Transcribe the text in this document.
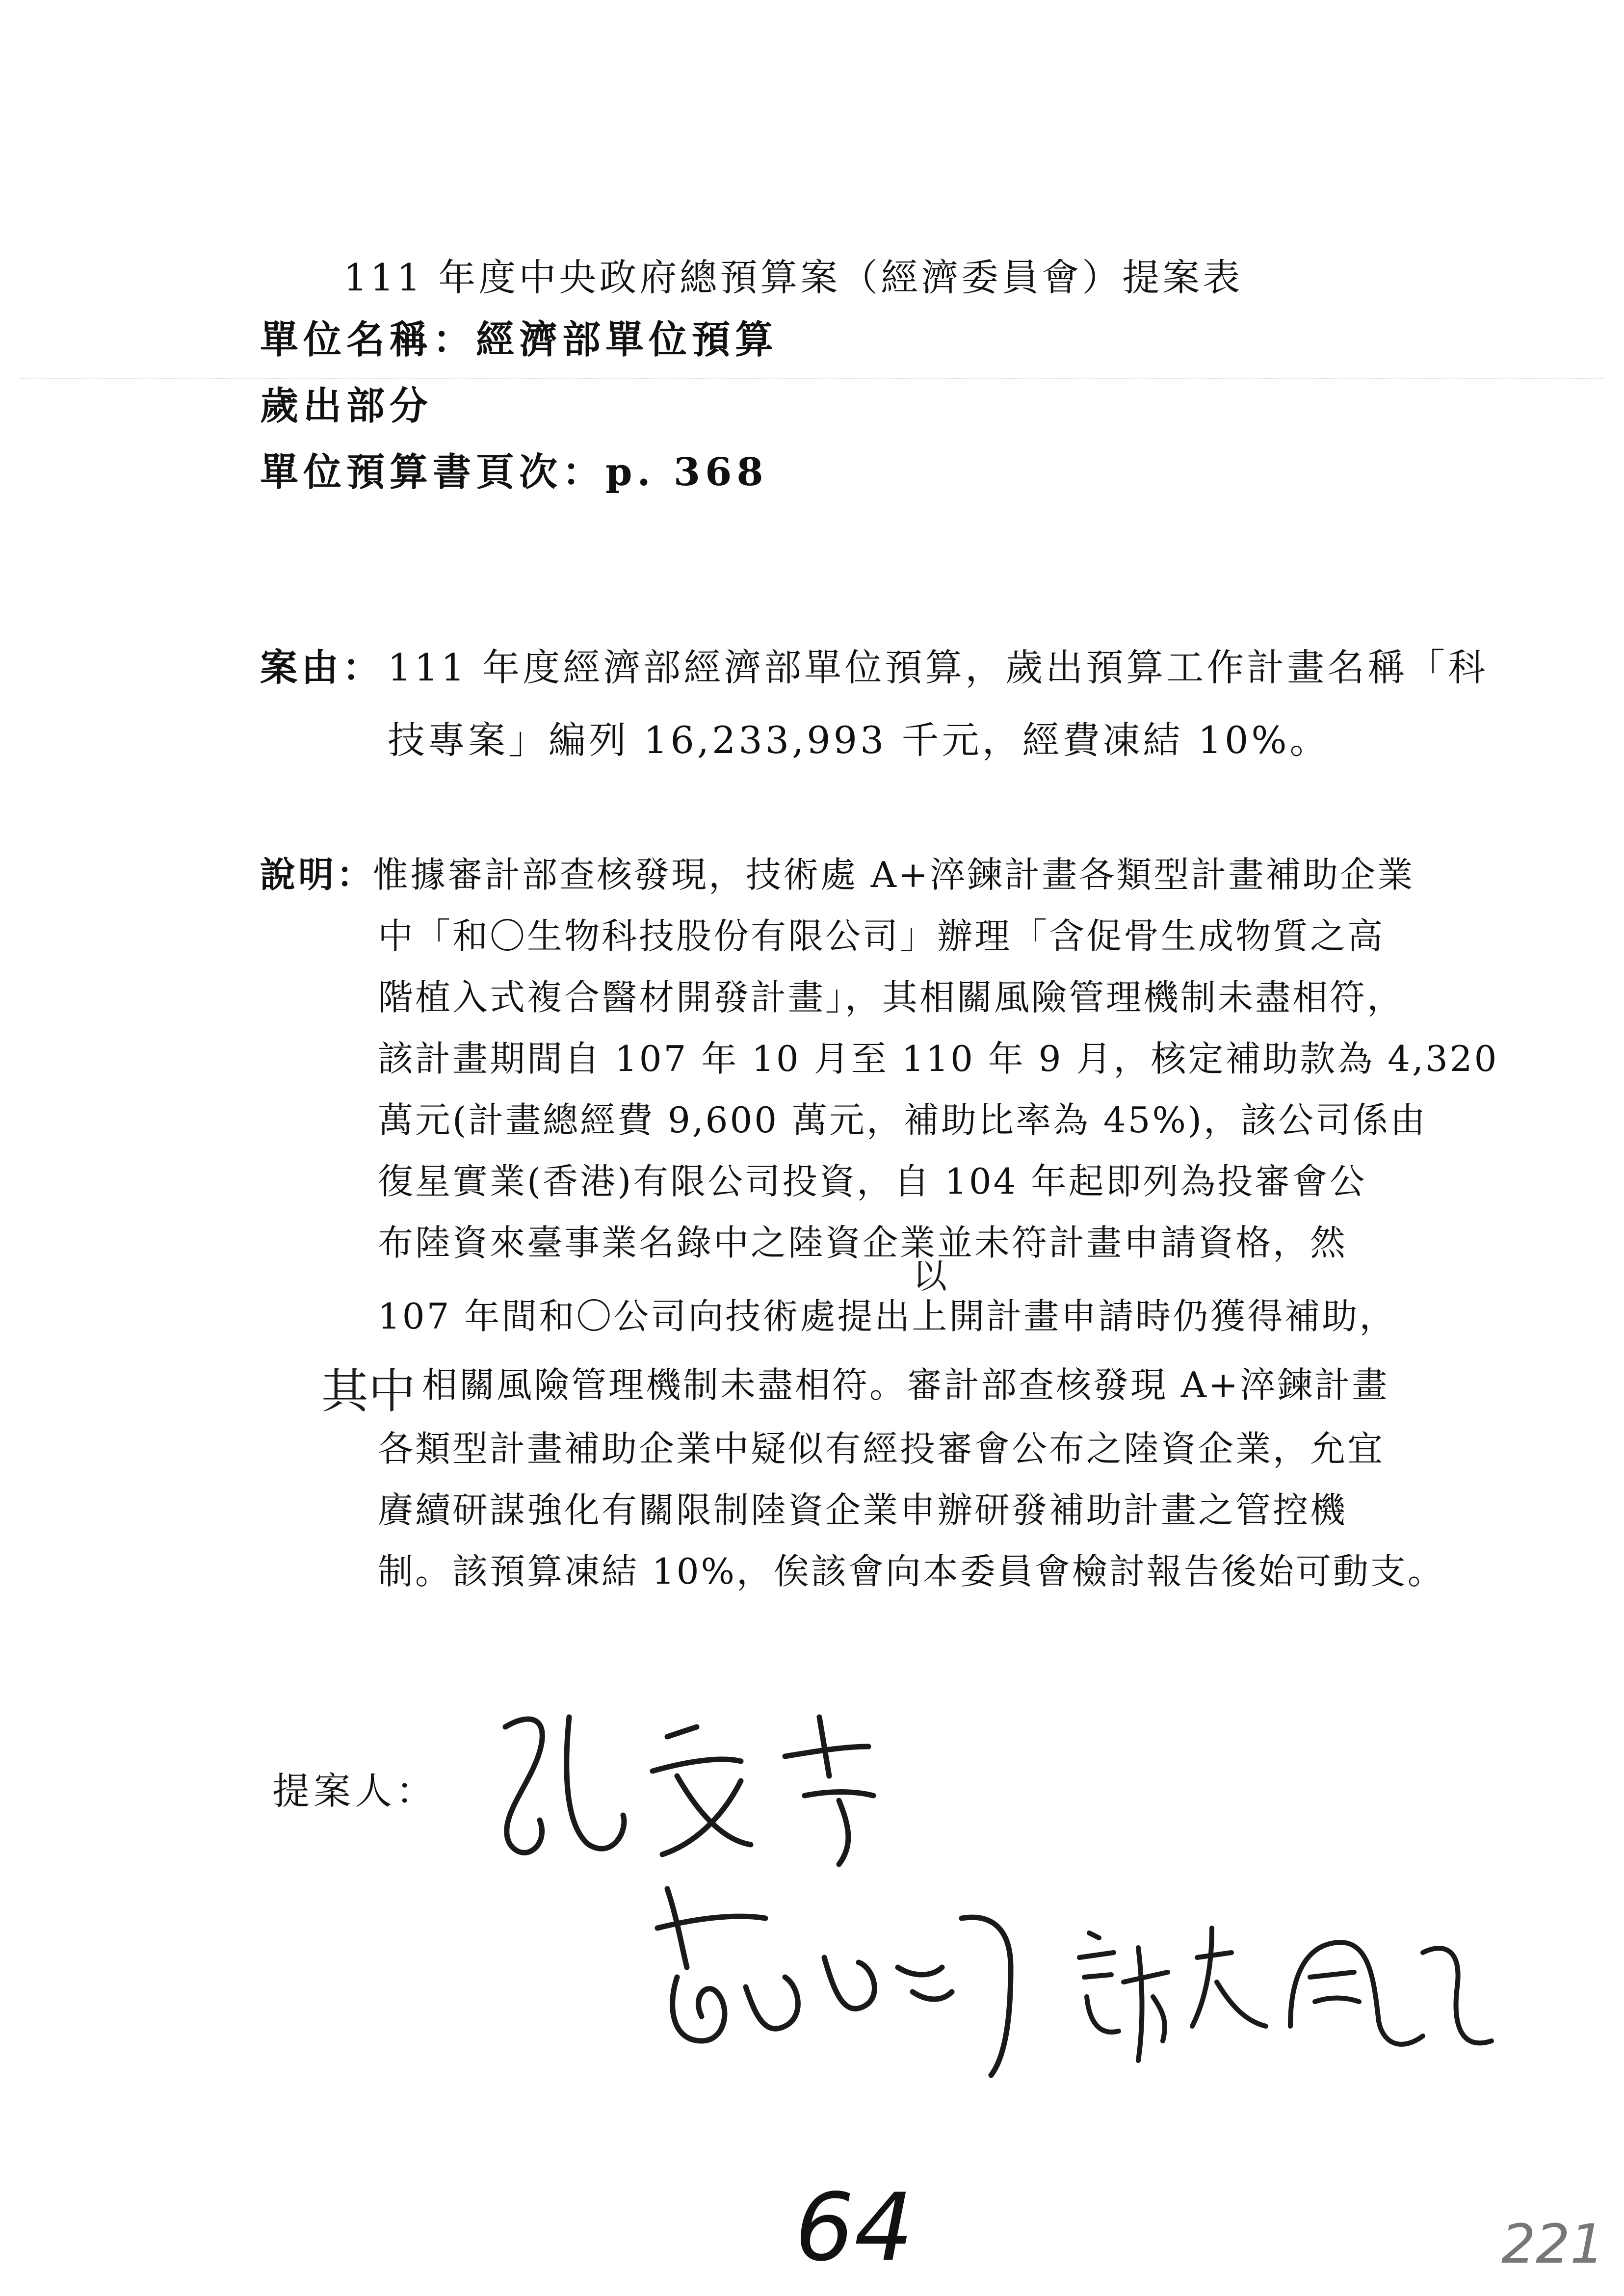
111 年度中央政府總預算案（經濟委員會）提案表
單位名稱：經濟部單位預算
歲出部分
單位預算書頁次：p. 368
案由： 111 年度經濟部經濟部單位預算，歲出預算工作計畫名稱「科
技專案」編列 16,233,993 千元，經費凍結 10%。
說明：
惟據審計部查核發現，技術處 A+淬鍊計畫各類型計畫補助企業
中「和〇生物科技股份有限公司」辦理「含促骨生成物質之高
階植入式複合醫材開發計畫」，其相關風險管理機制未盡相符，
該計畫期間自 107 年 10 月至 110 年 9 月，核定補助款為 4,320
萬元(計畫總經費 9,600 萬元，補助比率為 45%)，該公司係由
復星實業(香港)有限公司投資，自 104 年起即列為投審會公
布陸資來臺事業名錄中之陸資企業並未符計畫申請資格，然
107 年間和〇公司向技術處提出上開計畫申請時仍獲得補助，
相關風險管理機制未盡相符。審計部查核發現 A+淬鍊計畫
各類型計畫補助企業中疑似有經投審會公布之陸資企業，允宜
賡續研謀強化有關限制陸資企業申辦研發補助計畫之管控機
制。該預算凍結 10%，俟該會向本委員會檢討報告後始可動支。
以
其中
提案人：
64	221
